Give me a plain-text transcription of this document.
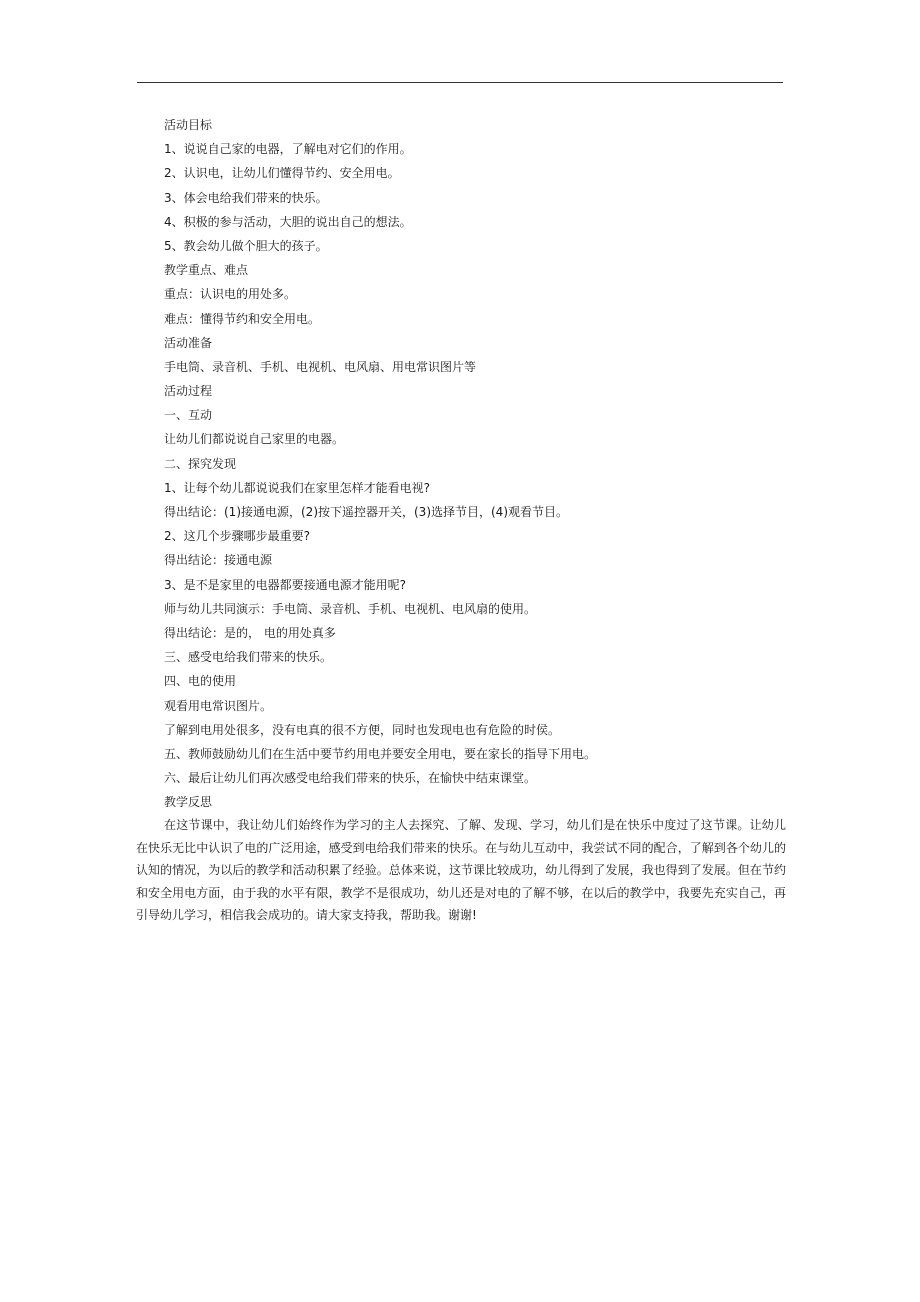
活动目标

1、说说自己家的电器，了解电对它们的作用。

2、认识电，让幼儿们懂得节约、安全用电。

3、体会电给我们带来的快乐。

4、积极的参与活动，大胆的说出自己的想法。

5、教会幼儿做个胆大的孩子。

教学重点、难点

重点：认识电的用处多。

难点：懂得节约和安全用电。

活动准备

手电筒、录音机、手机、电视机、电风扇、用电常识图片等

活动过程

一、互动

让幼儿们都说说自己家里的电器。

二、探究发现

1、让每个幼儿都说说我们在家里怎样才能看电视?

得出结论：(1)接通电源，(2)按下遥控器开关，(3)选择节目，(4)观看节目。

2、这几个步骤哪步最重要?

得出结论：接通电源

3、是不是家里的电器都要接通电源才能用呢?

师与幼儿共同演示：手电筒、录音机、手机、电视机、电风扇的使用。

得出结论：是的， 电的用处真多

三、感受电给我们带来的快乐。

四、电的使用

观看用电常识图片。

了解到电用处很多，没有电真的很不方便，同时也发现电也有危险的时侯。

五、教师鼓励幼儿们在生活中要节约用电并要安全用电，要在家长的指导下用电。

六、最后让幼儿们再次感受电给我们带来的快乐，在愉快中结束课堂。

教学反思

在这节课中，我让幼儿们始终作为学习的主人去探究、了解、发现、学习，幼儿们是在快乐中度过了这节课。让幼儿在快乐无比中认识了电的广泛用途，感受到电给我们带来的快乐。在与幼儿互动中，我尝试不同的配合，了解到各个幼儿的认知的情况，为以后的教学和活动积累了经验。总体来说，这节课比较成功，幼儿得到了发展，我也得到了发展。但在节约和安全用电方面，由于我的水平有限，教学不是很成功，幼儿还是对电的了解不够，在以后的教学中，我要先充实自己，再引导幼儿学习，相信我会成功的。请大家支持我，帮助我。谢谢!
